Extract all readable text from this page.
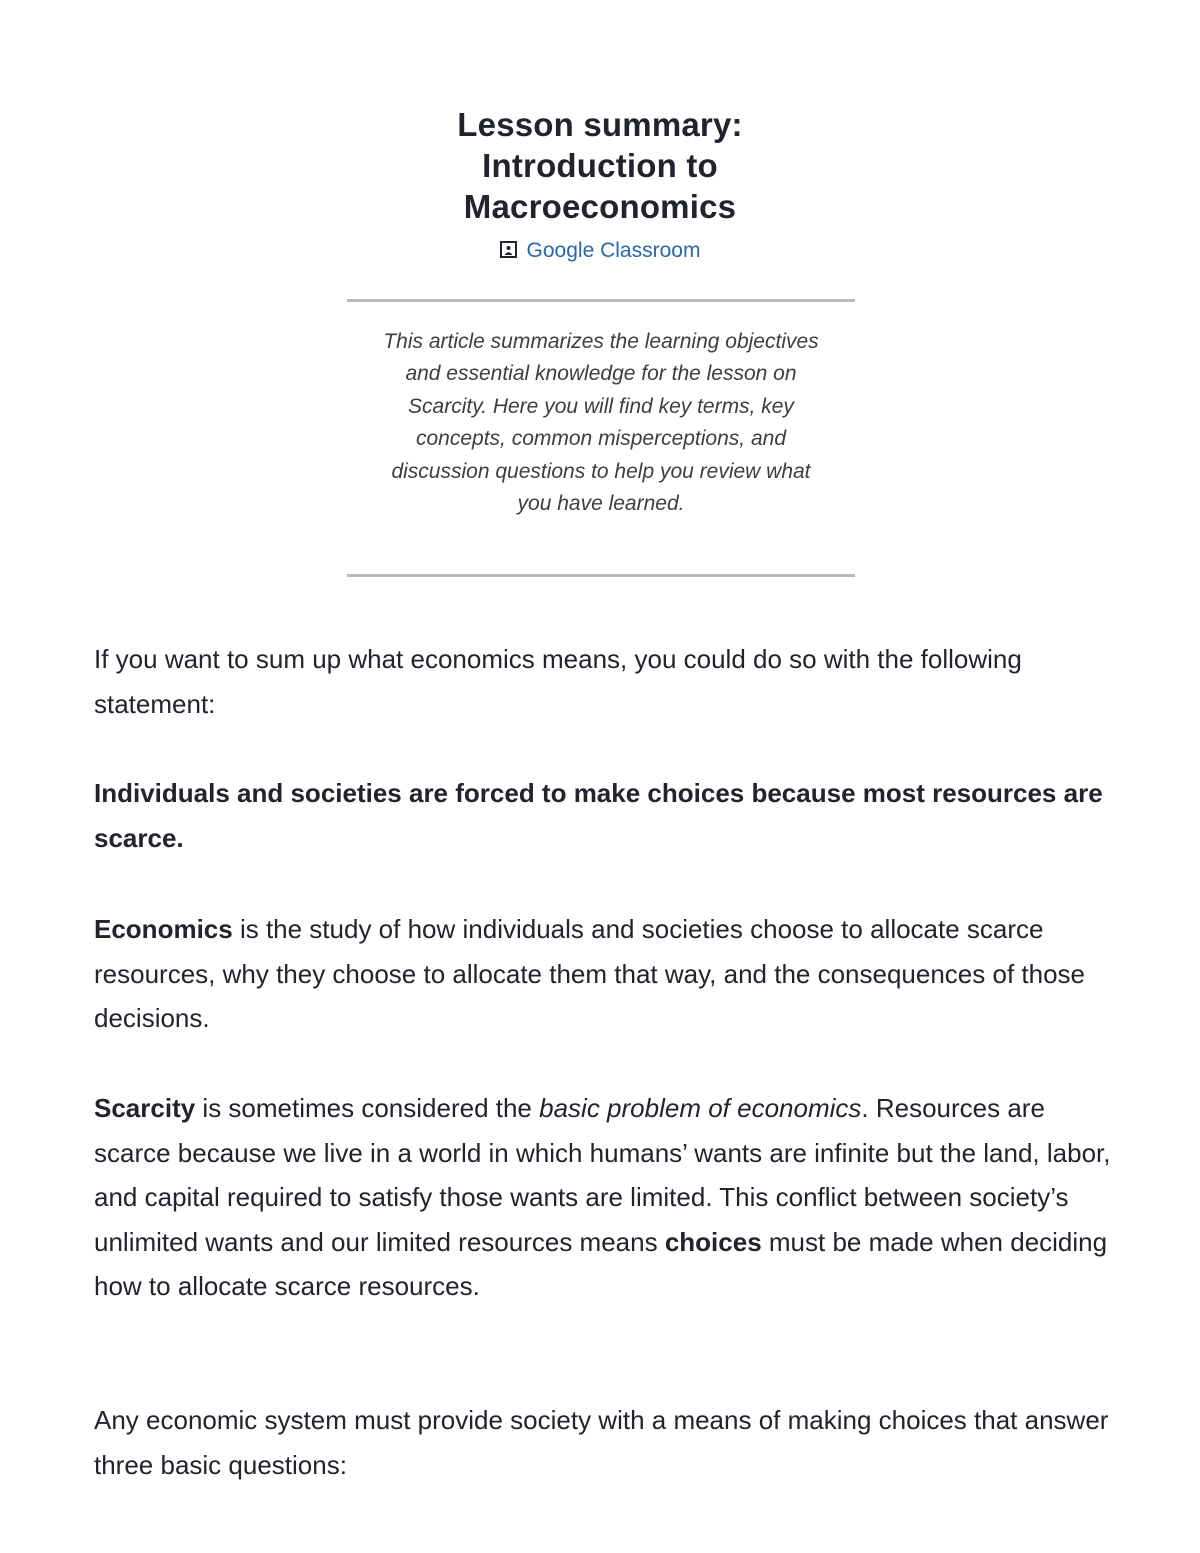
Lesson summary:
Introduction to
Macroeconomics
Google Classroom
This article summarizes the learning objectives and essential knowledge for the lesson on Scarcity. Here you will find key terms, key concepts, common misperceptions, and discussion questions to help you review what you have learned.

If you want to sum up what economics means, you could do so with the following statement:

Individuals and societies are forced to make choices because most resources are scarce.

Economics is the study of how individuals and societies choose to allocate scarce resources, why they choose to allocate them that way, and the consequences of those decisions.

Scarcity is sometimes considered the basic problem of economics. Resources are scarce because we live in a world in which humans’ wants are infinite but the land, labor, and capital required to satisfy those wants are limited. This conflict between society’s unlimited wants and our limited resources means choices must be made when deciding how to allocate scarce resources.

Any economic system must provide society with a means of making choices that answer three basic questions:
